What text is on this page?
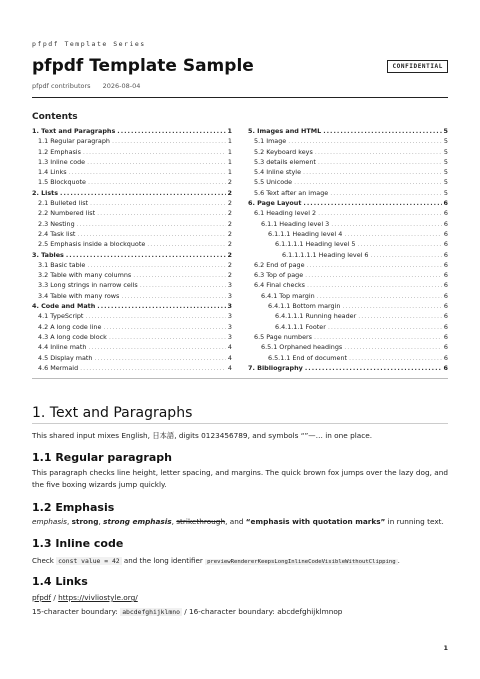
pfpdf Template Series
pfpdf Template Sample
pfpdf contributors 2026-08-04
CONFIDENTIAL
Contents
1. Text and Paragraphs .....	1
1.1 Regular paragraph .....	1
1.2 Emphasis .....	1
1.3 Inline code .....	1
1.4 Links .....	1
1.5 Blockquote .....	2
2. Lists .....	2
2.1 Bulleted list .....	2
2.2 Numbered list .....	2
2.3 Nesting .....	2
2.4 Task list .....	2
2.5 Emphasis inside a blockquote .....	2
3. Tables .....	2
3.1 Basic table .....	2
3.2 Table with many columns .....	2
3.3 Long strings in narrow cells .....	3
3.4 Table with many rows .....	3
4. Code and Math .....	3
4.1 TypeScript .....	3
4.2 A long code line .....	3
4.3 A long code block .....	3
4.4 Inline math .....	4
4.5 Display math .....	4
4.6 Mermaid .....	4
5. Images and HTML .....	5
5.1 Image .....	5
5.2 Keyboard keys .....	5
5.3 details element .....	5
5.4 Inline style .....	5
5.5 Unicode .....	5
5.6 Text after an image .....	5
6. Page Layout .....	6
6.1 Heading level 2 .....	6
6.1.1 Heading level 3 .....	6
6.1.1.1 Heading level 4 .....	6
6.1.1.1.1 Heading level 5 .....	6
6.1.1.1.1.1 Heading level 6 .....	6
6.2 End of page .....	6
6.3 Top of page .....	6
6.4 Final checks .....	6
6.4.1 Top margin .....	6
6.4.1.1 Bottom margin .....	6
6.4.1.1.1 Running header .....	6
6.4.1.1.1 Footer .....	6
6.5 Page numbers .....	6
6.5.1 Orphaned headings .....	6
6.5.1.1 End of document .....	6
7. Bibliography .....	6
1. Text and Paragraphs
This shared input mixes English, 日本語, digits 0123456789, and symbols “”—… in one place.
1.1 Regular paragraph
This paragraph checks line height, letter spacing, and margins. The quick brown fox jumps over the lazy dog, and the five boxing wizards jump quickly.
1.2 Emphasis
emphasis, strong, strong emphasis, strikethrough, and “emphasis with quotation marks” in running text.
1.3 Inline code
Check const value = 42 and the long identifier previewRendererKeepsLongInlineCodeVisibleWithoutClipping .
1.4 Links
pfpdf / https://vivliostyle.org/
15-character boundary: abcdefghijklmno / 16-character boundary: abcdefghijklmnop
1
